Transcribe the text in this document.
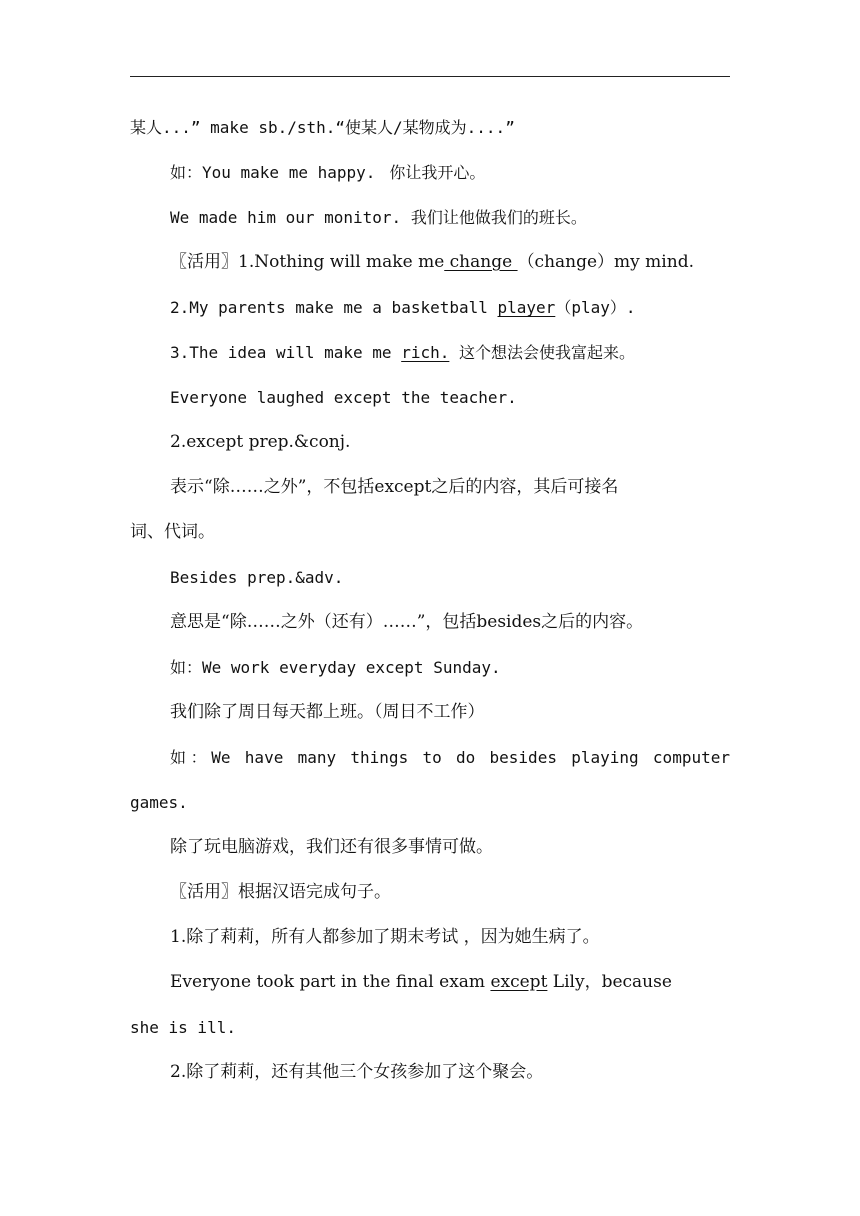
某人...” make sb./sth.“使某人/某物成为....”
如：You make me happy. 你让我开心。
We made him our monitor. 我们让他做我们的班长。
〖活用〗1.Nothing will make me change （change）my mind.
2.My parents make me a basketball player（play）.
3.The idea will make me rich. 这个想法会使我富起来。
Everyone laughed except the teacher.
2.except prep.&conj.
表示“除……之外”，不包括except之后的内容，其后可接名
词、代词。
Besides prep.&adv.
意思是“除……之外（还有）……”，包括besides之后的内容。
如：We work everyday except Sunday.
我们除了周日每天都上班。（周日不工作）
如：We have many things to do besides playing computer
games.
除了玩电脑游戏，我们还有很多事情可做。
〖活用〗根据汉语完成句子。
1.除了莉莉，所有人都参加了期末考试 ，因为她生病了。
Everyone took part in the final exam except Lily，because
she is ill.
2.除了莉莉，还有其他三个女孩参加了这个聚会。
